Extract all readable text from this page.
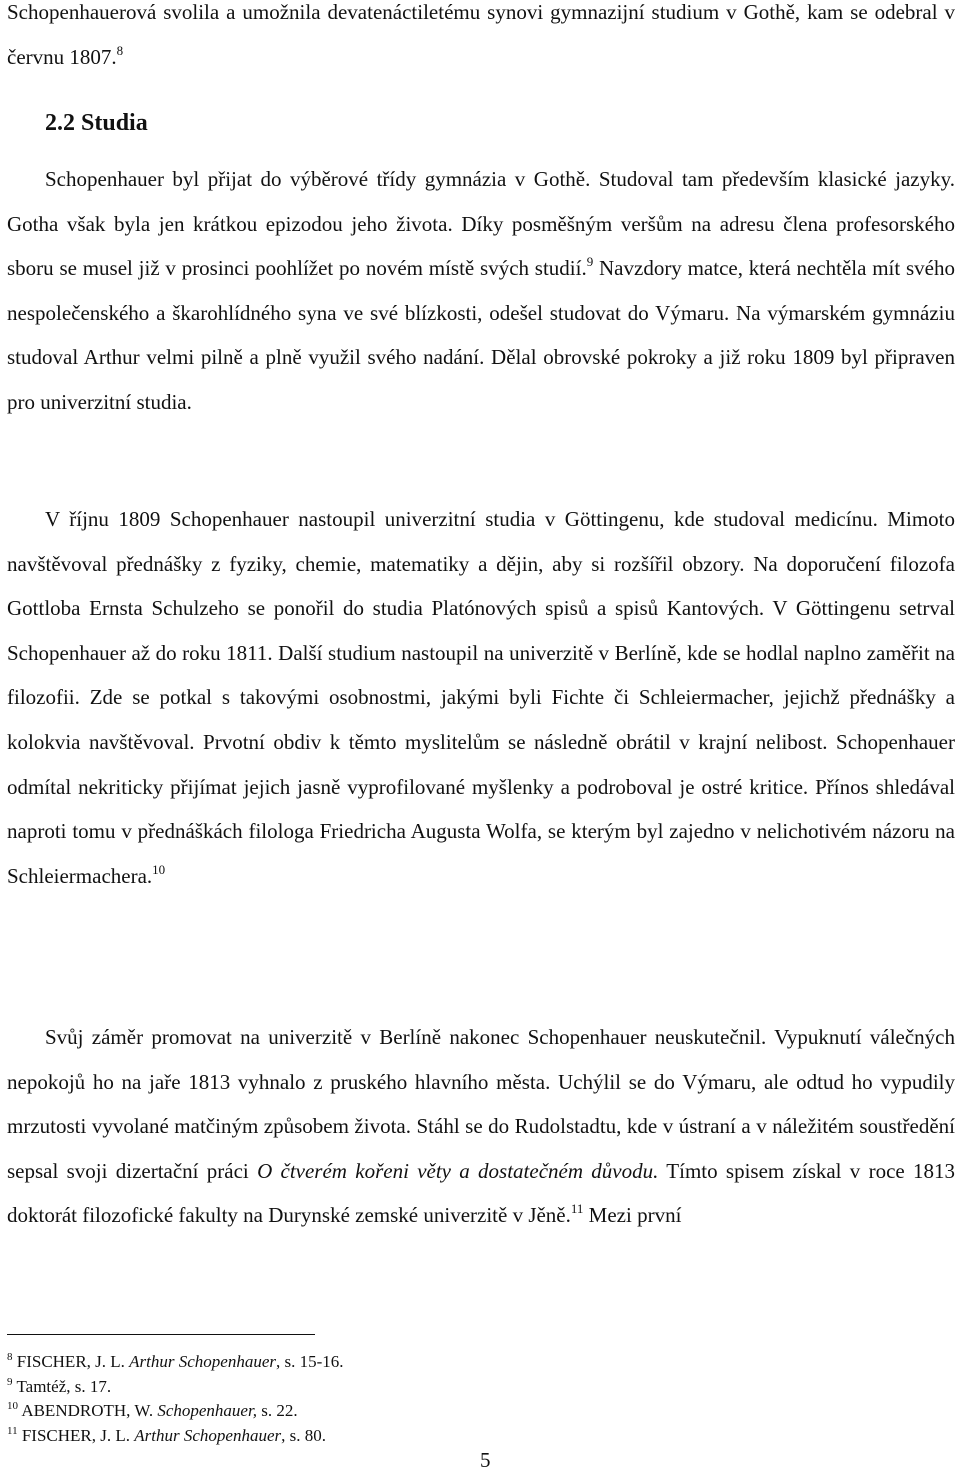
Schopenhauerová svolila a umožnila devatenáctiletému synovi gymnazijní studium v Gothě, kam se odebral v červnu 1807.$^8$

2.2 Studia

Schopenhauer byl přijat do výběrové třídy gymnázia v Gothě. Studoval tam především klasické jazyky. Gotha však byla jen krátkou epizodou jeho života. Díky posměšným veršům na adresu člena profesorského sboru se musel již v prosinci poohlížet po novém místě svých studií.$^9$ Navzdory matce, která nechtěla mít svého nespolečenského a škarohlídného syna ve své blízkosti, odešel studovat do Výmaru. Na výmarském gymnáziu studoval Arthur velmi pilně a plně využil svého nadání. Dělal obrovské pokroky a již roku 1809 byl připraven pro univerzitní studia.

V říjnu 1809 Schopenhauer nastoupil univerzitní studia v Göttingenu, kde studoval medicínu. Mimoto navštěvoval přednášky z fyziky, chemie, matematiky a dějin, aby si rozšířil obzory. Na doporučení filozofa Gottloba Ernsta Schulzeho se ponořil do studia Platónových spisů a spisů Kantových. V Göttingenu setrval Schopenhauer až do roku 1811. Další studium nastoupil na univerzitě v Berlíně, kde se hodlal naplno zaměřit na filozofii. Zde se potkal s takovými osobnostmi, jakými byli Fichte či Schleiermacher, jejichž přednášky a kolokvia navštěvoval. Prvotní obdiv k těmto myslitelům se následně obrátil v krajní nelibost. Schopenhauer odmítal nekriticky přijímat jejich jasně vyprofilované myšlenky a podroboval je ostré kritice. Přínos shledával naproti tomu v přednáškách filologa Friedricha Augusta Wolfa, se kterým byl zajedno v nelichotivém názoru na Schleiermachera.$^{10}$

Svůj záměr promovat na univerzitě v Berlíně nakonec Schopenhauer neuskutečnil. Vypuknutí válečných nepokojů ho na jaře 1813 vyhnalo z pruského hlavního města. Uchýlil se do Výmaru, ale odtud ho vypudily mrzutosti vyvolané matčiným způsobem života. Stáhl se do Rudolstadtu, kde v ústraní a v náležitém soustředění sepsal svoji dizertační práci O čtverém kořeni věty a dostatečném důvodu. Tímto spisem získal v roce 1813 doktorát filozofické fakulty na Durynské zemské univerzitě v Jěně.$^{11}$ Mezi první

$^8$ FISCHER, J. L. Arthur Schopenhauer, s. 15-16.

$^9$ Tamtéž, s. 17.

$^{10}$ ABENDROTH, W. Schopenhauer, s. 22.

$^{11}$ FISCHER, J. L. Arthur Schopenhauer, s. 80.

5
